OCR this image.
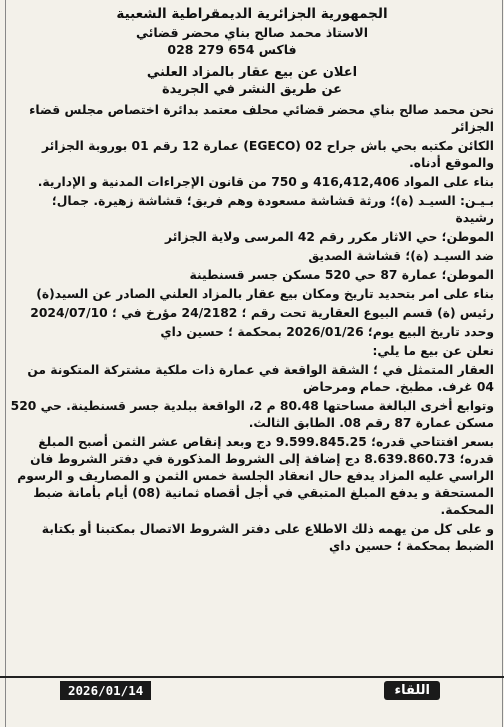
الجمهورية الجزائرية الديمقراطية الشعبية
الاستاذ محمد صالح بناي محضر قضائي
فاكس 654 279 028
اعلان عن بيع عقار بالمزاد العلني
عن طريق النشر في الجريدة

نحن محمد صالح بناي محضر قضائي محلف معتمد بدائرة اختصاص مجلس قضاء الجزائر

الكائن مكتبه بحي باش جراح 02 (EGECO) عمارة 12 رقم 01 بوروبة الجزائر والموقع أدناه.

بناء على المواد 416,412,406 و 750 من قانون الإجراءات المدنية و الإدارية.

بـيـن: السيـد (ة)؛ ورثة قشاشة مسعودة وهم فريق؛ قشاشة زهيرة. جمال؛ رشيدة

الموطن؛ حي الاثار مكرر رقم 42 المرسى ولاية الجزائر

ضد السيـد (ة)؛ قشاشة الصديق

الموطن؛ عمارة 87 حي 520 مسكن جسر قسنطينة

بناء على امر بتحديد تاريخ ومكان بيع عقار بالمزاد العلني الصادر عن السيد(ة)

رئيس (ة) قسم البيوع العقارية تحت رقم ؛ 24/2182 مؤرخ في ؛ 2024/07/10

وحدد تاريخ البيع يوم؛ 2026/01/26 بمحكمة ؛ حسين داي

نعلن عن بيع ما يلي:

العقار المتمثل في ؛ الشقة الواقعة في عمارة ذات ملكية مشتركة المتكونة من 04 غرف. مطبخ. حمام ومرحاض

وتوابع أخرى البالغة مساحتها 80.48 م 2، الواقعة ببلدية جسر قسنطينة. حي 520 مسكن عمارة 87 رقم 08. الطابق الثالث.

بسعر افتتاحي قدره؛ 9.599.845.25 دج وبعد إنقاص عشر الثمن أصبح المبلغ قدره؛ 8.639.860.73 دج إضافة إلى الشروط المذكورة في دفتر الشروط فان الراسي عليه المزاد يدفع حال انعقاد الجلسة خمس الثمن و المصاريف و الرسوم المستحقة و يدفع المبلغ المتبقي في أجل أقصاه ثمانية (08) أيام بأمانة ضبط المحكمة.

و على كل من يهمه ذلك الاطلاع على دفتر الشروط الاتصال بمكتبنا أو بكتابة الضبط بمحكمة ؛ حسين داي

2026/01/14	اللقاء
